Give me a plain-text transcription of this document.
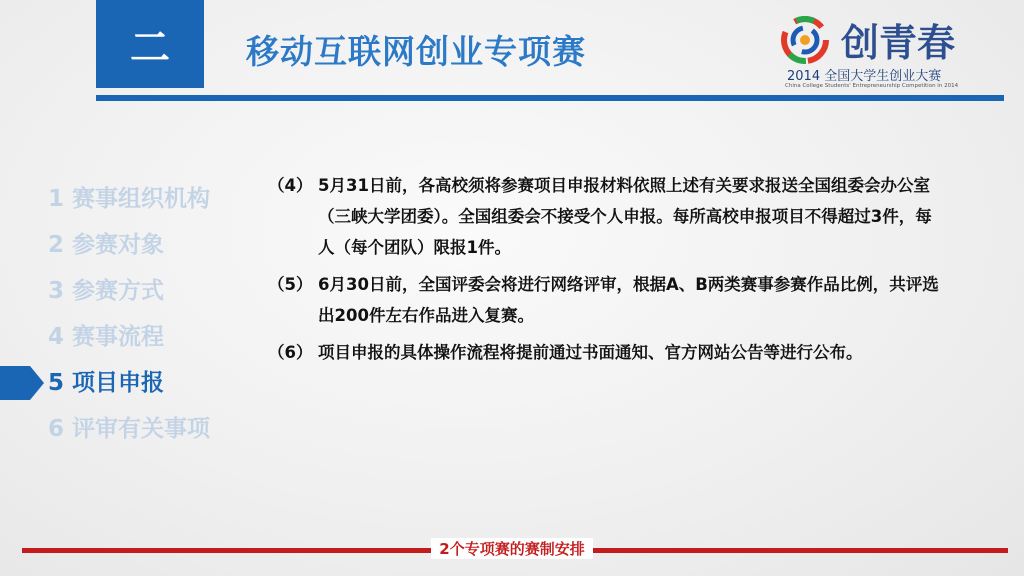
二 移动互联网创业专项赛	创青春
2014 全国大学生创业大赛
China College Students' Entrepreneurship Competition in 2014
1 赛事组织机构
2 参赛对象
3 参赛方式
4 赛事流程
5 项目申报
6 评审有关事项
（4） 5月31日前，各高校须将参赛项目申报材料依照上述有关要求报送全国组委会办公室（三峡大学团委）。全国组委会不接受个人申报。每所高校申报项目不得超过3件，每人（每个团队）限报1件。
（5） 6月30日前，全国评委会将进行网络评审，根据A、B两类赛事参赛作品比例，共评选出200件左右作品进入复赛。
（6） 项目申报的具体操作流程将提前通过书面通知、官方网站公告等进行公布。
2个专项赛的赛制安排
